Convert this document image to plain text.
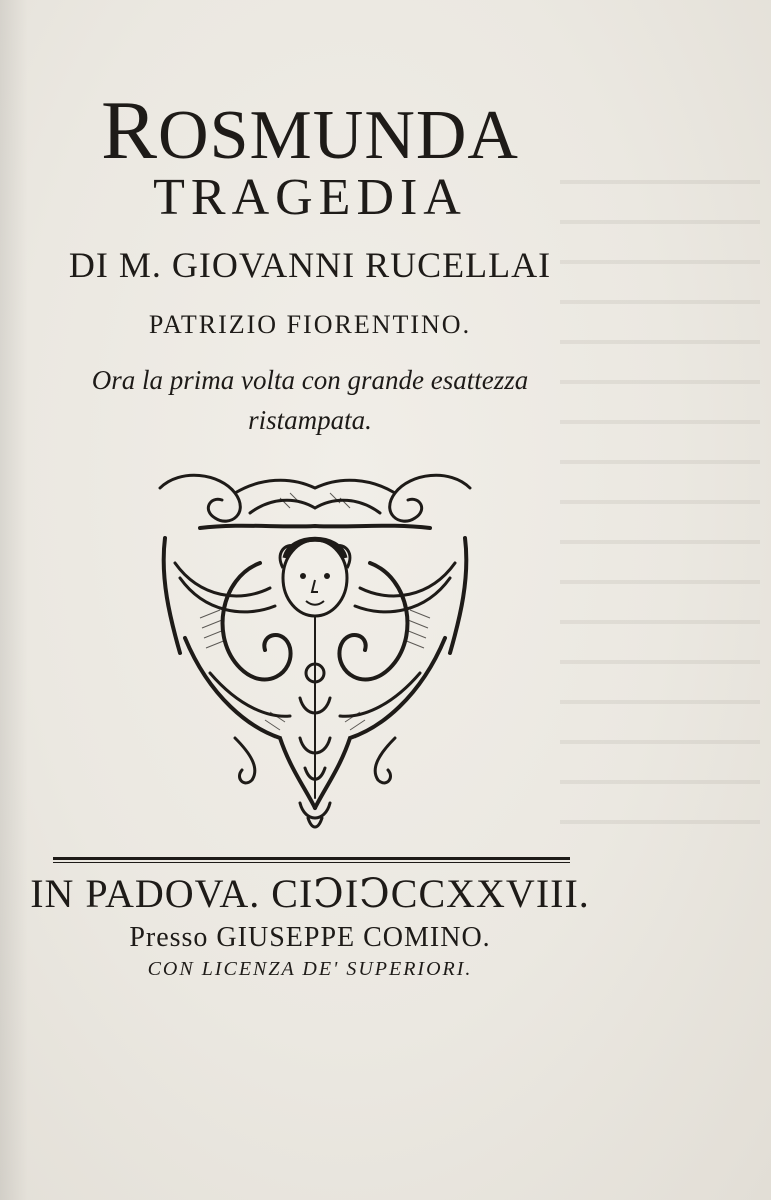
ROSMUNDA
TRAGEDIA
DI M. GIOVANNI RUCELLAI
PATRIZIO FIORENTINO.
Ora la prima volta con grande esattezza
ristampata.
IN PADOVA. CIↃIↃCCXXVIII.
Presso GIUSEPPE COMINO.
CON LICENZA DE' SUPERIORI.
